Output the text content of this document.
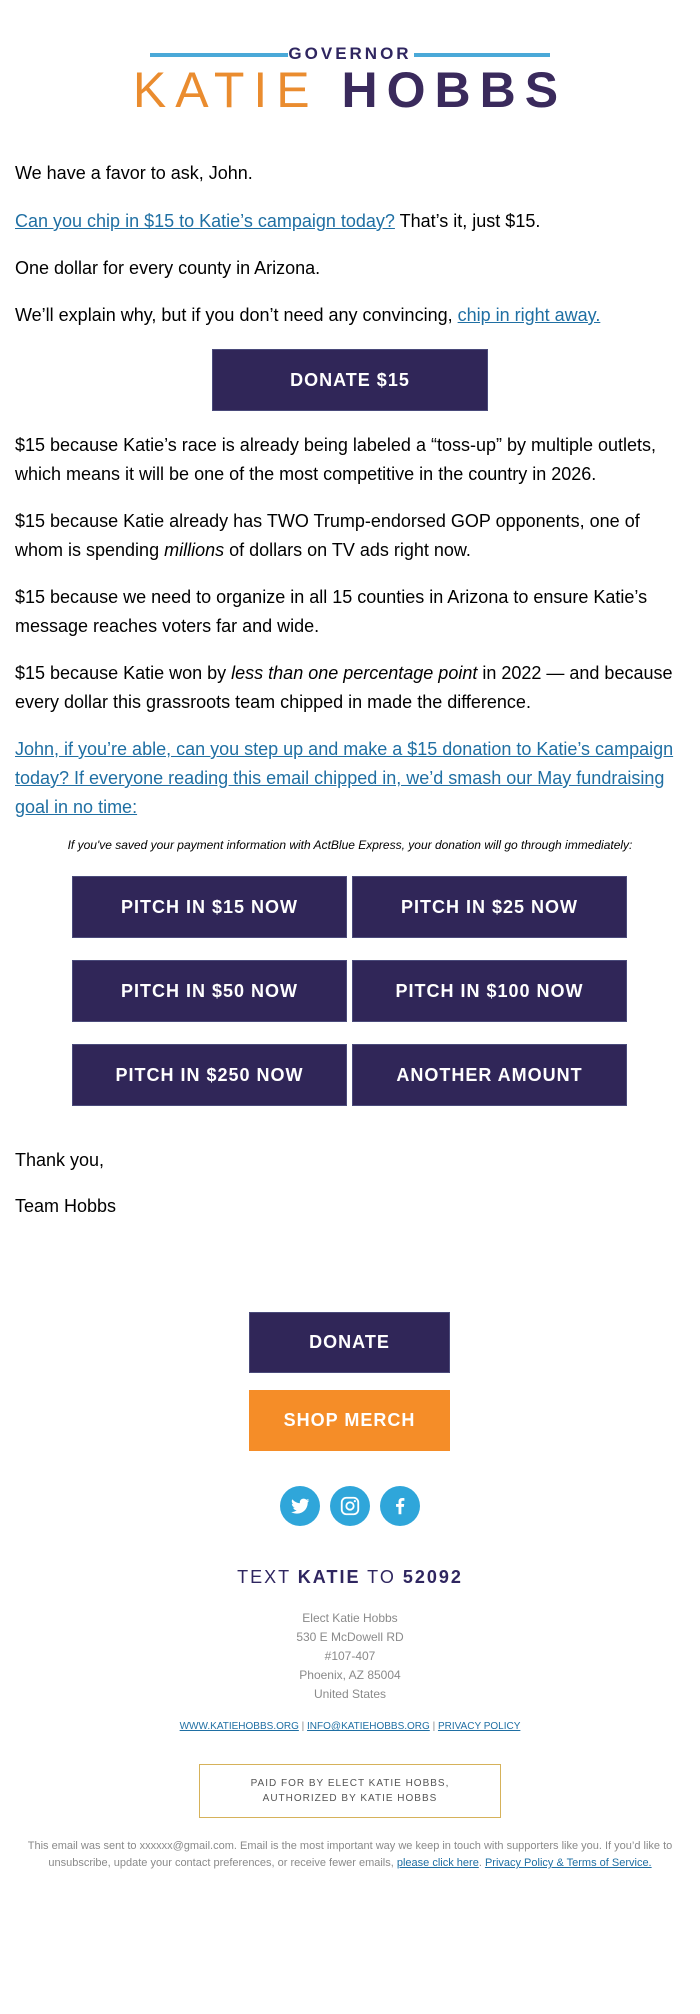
GOVERNOR
KATIE HOBBS

We have a favor to ask, John.

Can you chip in $15 to Katie’s campaign today? That’s it, just $15.

One dollar for every county in Arizona.

We’ll explain why, but if you don’t need any convincing, chip in right away.

DONATE $15

$15 because Katie’s race is already being labeled a “toss-up” by multiple outlets, which means it will be one of the most competitive in the country in 2026.

$15 because Katie already has TWO Trump-endorsed GOP opponents, one of whom is spending millions of dollars on TV ads right now.

$15 because we need to organize in all 15 counties in Arizona to ensure Katie’s message reaches voters far and wide.

$15 because Katie won by less than one percentage point in 2022 — and because every dollar this grassroots team chipped in made the difference.

John, if you’re able, can you step up and make a $15 donation to Katie’s campaign today? If everyone reading this email chipped in, we’d smash our May fundraising goal in no time:

If you've saved your payment information with ActBlue Express, your donation will go through immediately:
PITCH IN $15 NOW	PITCH IN $25 NOW
PITCH IN $50 NOW	PITCH IN $100 NOW
PITCH IN $250 NOW	ANOTHER AMOUNT

Thank you,

Team Hobbs

DONATE
SHOP MERCH
TEXT KATIE TO 52092
Elect Katie Hobbs
530 E McDowell RD
#107-407
Phoenix, AZ 85004
United States
WWW.KATIEHOBBS.ORG | INFO@KATIEHOBBS.ORG | PRIVACY POLICY
PAID FOR BY ELECT KATIE HOBBS,
AUTHORIZED BY KATIE HOBBS
This email was sent to xxxxxx@gmail.com. Email is the most important way we keep in touch with supporters like you. If you’d like to unsubscribe, update your contact preferences, or receive fewer emails, please click here. Privacy Policy & Terms of Service.
